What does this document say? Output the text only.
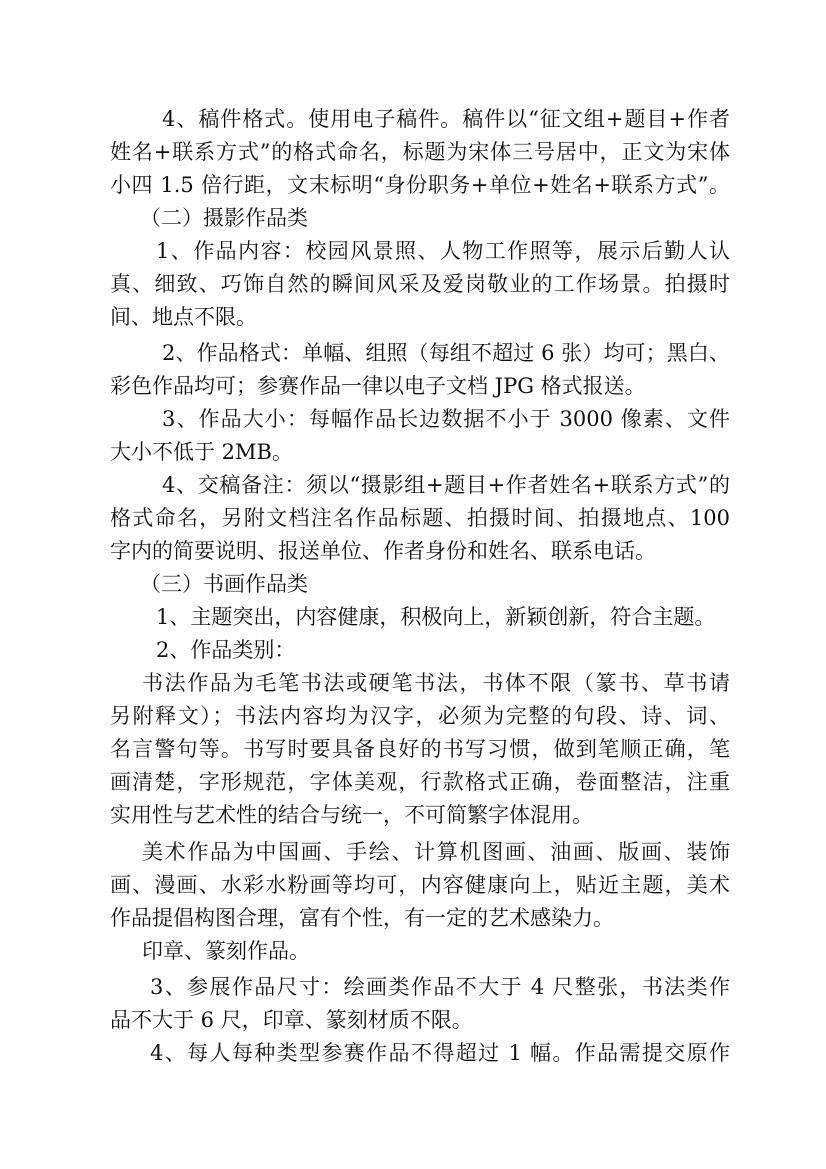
4、稿件格式。使用电子稿件。稿件以“征文组+题目+作者
姓名+联系方式”的格式命名，标题为宋体三号居中，正文为宋体
小四 1.5 倍行距，文末标明“身份职务+单位+姓名+联系方式”。
（二）摄影作品类
1、作品内容：校园风景照、人物工作照等，展示后勤人认
真、细致、巧饰自然的瞬间风采及爱岗敬业的工作场景。拍摄时
间、地点不限。
2、作品格式：单幅、组照（每组不超过 6 张）均可；黑白、
彩色作品均可；参赛作品一律以电子文档 JPG 格式报送。
3、作品大小：每幅作品长边数据不小于 3000 像素、文件
大小不低于 2MB。
4、交稿备注：须以“摄影组+题目+作者姓名+联系方式”的
格式命名，另附文档注名作品标题、拍摄时间、拍摄地点、100
字内的简要说明、报送单位、作者身份和姓名、联系电话。
（三）书画作品类
1、主题突出，内容健康，积极向上，新颖创新，符合主题。
2、作品类别：
书法作品为毛笔书法或硬笔书法，书体不限（篆书、草书请
另附释文）；书法内容均为汉字，必须为完整的句段、诗、词、
名言警句等。书写时要具备良好的书写习惯，做到笔顺正确，笔
画清楚，字形规范，字体美观，行款格式正确，卷面整洁，注重
实用性与艺术性的结合与统一，不可简繁字体混用。
美术作品为中国画、手绘、计算机图画、油画、版画、装饰
画、漫画、水彩水粉画等均可，内容健康向上，贴近主题，美术
作品提倡构图合理，富有个性，有一定的艺术感染力。
印章、篆刻作品。
3、参展作品尺寸：绘画类作品不大于 4 尺整张，书法类作
品不大于 6 尺，印章、篆刻材质不限。
4、每人每种类型参赛作品不得超过 1 幅。作品需提交原作
